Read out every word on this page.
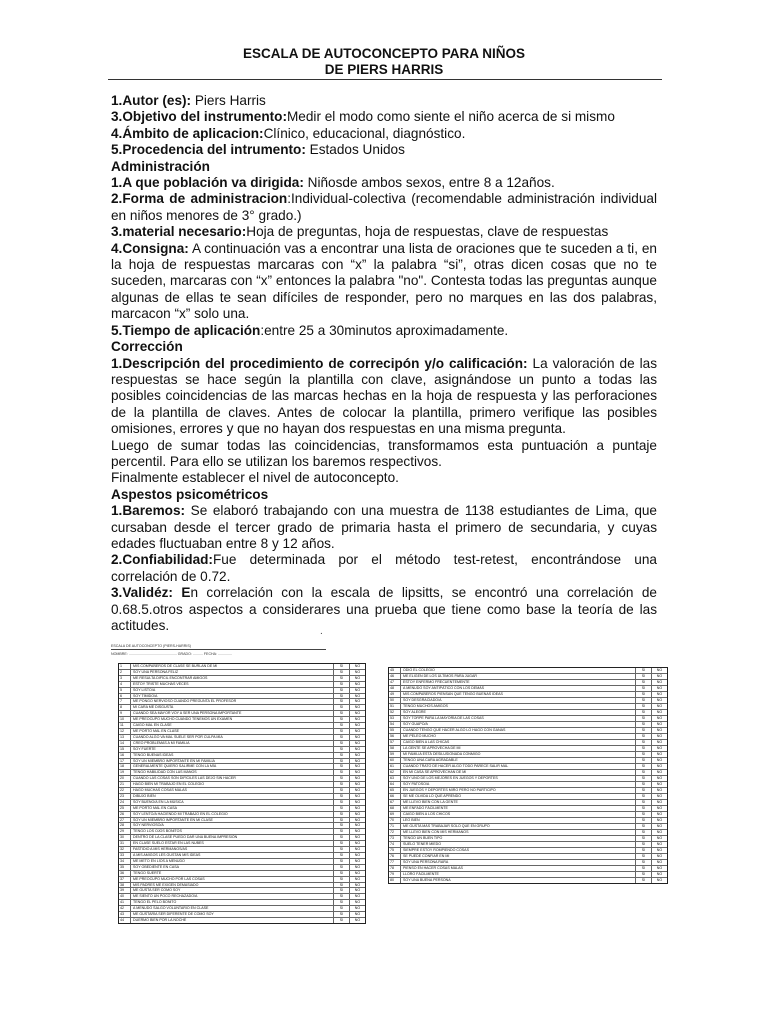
ESCALA DE AUTOCONCEPTO PARA NIÑOS
DE PIERS HARRIS

1.Autor (es): Piers Harris

3.Objetivo del instrumento:Medir el modo como siente el niño acerca de si mismo

4.Ámbito de aplicacion:Clínico, educacional, diagnóstico.

5.Procedencia del intrumento: Estados Unidos

Administración

1.A que población va dirigida: Niñosde ambos sexos, entre 8 a 12años.

2.Forma de administracion:Individual-colectiva (recomendable administración individual en niños menores de 3° grado.)

3.material necesario:Hoja de preguntas, hoja de respuestas, clave de respuestas

4.Consigna: A continuación vas a encontrar una lista de oraciones que te suceden a ti, en la hoja de respuestas marcaras con “x” la palabra “si”, otras dicen cosas que no te suceden, marcaras con “x” entonces la palabra "no". Contesta todas las preguntas aunque algunas de ellas te sean difíciles de responder, pero no marques en las dos palabras, marcacon “x” solo una.

5.Tiempo de aplicación:entre 25 a 30minutos aproximadamente.

Corrección

1.Descripción del procedimiento de correcipón y/o calificación: La valoración de las respuestas se hace según la plantilla con clave, asignándose un punto a todas las posibles coincidencias de las marcas hechas en la hoja de respuesta y las perforaciones de la plantilla de claves. Antes de colocar la plantilla, primero verifique las posibles omisiones, errores y que no hayan dos respuestas en una misma pregunta.

Luego de sumar todas las coincidencias, transformamos esta puntuación a puntaje percentil. Para ello se utilizan los baremos respectivos.

Finalmente establecer el nivel de autoconcepto.

Aspestos psicométricos

1.Baremos: Se elaboró trabajando con una muestra de 1138 estudiantes de Lima, que cursaban desde el tercer grado de primaria hasta el primero de secundaria, y cuyas edades fluctuaban entre 8 y 12 años.

2.Confiabilidad:Fue determinada por el método test-retest, encontrándose una correlación de 0.72.

3.Validéz: En correlación con la escala de lipsitts, se encontró una correlación de 0.68.5.otros aspectos a considerares una prueba que tiene como base la teoría de las actitudes.	.
ESCALA DE AUTOCONCEPTO (PIERS-HARRIS)
NOMBRE: ................................................ GRADO: .......... FECHA: ..............
1	MIS COMPAÑEROS DE CLASE SE BURLAN DE MI	SI	NO
2	SOY UNA PERSONA FELIZ	SI	NO
3	ME RESULTA DIFÍCIL ENCONTRAR AMIGOS	SI	NO
4	ESTOY TRISTE MUCHAS VECES	SI	NO
5	SOY LISTO/A	SI	NO
6	SOY TÍMIDO/A	SI	NO
7	ME PONGO NERVIOSO CUANDO PREGUNTA EL PROFESOR	SI	NO
8	MI CARA ME DISGUSTA	SI	NO
9	CUANDO SEA MAYOR VOY A SER UNA PERSONA IMPORTANTE	SI	NO
10	ME PREOCUPO MUCHO CUANDO TENEMOS UN EXAMEN	SI	NO
11	CAIGO MAL EN CLASE	SI	NO
12	ME PORTO MAL EN CLASE	SI	NO
13	CUANDO ALGO VA MAL SUELE SER POR CULPA MÍA	SI	NO
14	CREO PROBLEMAS A MI FAMILIA	SI	NO
15	SOY FUERTE	SI	NO
16	TENGO BUENAS IDEAS	SI	NO
17	SOY UN MIEMBRO IMPORTANTE EN MI FAMILIA	SI	NO
18	GENERALMENTE QUIERO SALIRME CON LA MÍA	SI	NO
19	TENGO HABILIDAD CON LAS MANOS	SI	NO
20	CUANDO LAS COSAS SON DIFÍCILES LAS DEJO SIN HACER	SI	NO
21	HAGO BIEN MI TRABAJO EN EL COLEGIO	SI	NO
22	HAGO MUCHAS COSAS MALAS	SI	NO
23	DIBUJO BIEN	SI	NO
24	SOY BUENO/A EN LA MÚSICA	SI	NO
25	ME PORTO MAL EN CASA	SI	NO
26	SOY LENTO/A HACIENDO MI TRABAJO EN EL COLEGIO	SI	NO
27	SOY UN MIEMBRO IMPORTANTE EN MI CLASE	SI	NO
28	SOY NERVIOSO/A	SI	NO
29	TENGO LOS OJOS BONITOS	SI	NO
30	DENTRO DE LA CLASE PUEDO DAR UNA BUENA IMPRESIÓN	SI	NO
31	EN CLASE SUELO ESTAR EN LAS NUBES	SI	NO
32	FASTIDIO A MIS HERMANOS/AS	SI	NO
33	A MIS AMIGOS LES GUSTAN MIS IDEAS	SI	NO
34	ME METO EN LÍOS A MENUDO	SI	NO
35	SOY OBEDIENTE EN CASA	SI	NO
36	TENGO SUERTE	SI	NO
37	ME PREOCUPO MUCHO POR LAS COSAS	SI	NO
38	MIS PADRES ME EXIGEN DEMASIADO	SI	NO
39	ME GUSTA SER COMO SOY	SI	NO
40	ME SIENTO UN POCO RECHAZADO/A	SI	NO
41	TENGO EL PELO BONITO	SI	NO
42	A MENUDO SALGO VOLUNTARIO EN CLASE	SI	NO
43	ME GUSTARÍA SER DIFERENTE DE COMO SOY	SI	NO
44	DUERMO BIEN POR LA NOCHE	SI	NO
45	ODIO EL COLEGIO	SI	NO
46	ME ELIGEN DE LOS ÚLTIMOS PARA JUGAR	SI	NO
47	ESTOY ENFERMO FRECUENTEMENTE	SI	NO
48	A MENUDO SOY ANTIPÁTICO CON LOS DEMÁS	SI	NO
49	MIS COMPAÑEROS PIENSAN QUE TENGO BUENAS IDEAS	SI	NO
50	SOY DESGRACIADO/A	SI	NO
51	TENGO MUCHOS AMIGOS	SI	NO
52	SOY ALEGRE	SI	NO
53	SOY TORPE PARA LA MAYORÍA DE LAS COSAS	SI	NO
54	SOY GUAPO/A	SI	NO
55	CUANDO TENGO QUE HACER ALGO LO HAGO CON GANAS	SI	NO
56	ME PELEO MUCHO	SI	NO
57	CAIGO BIEN A LAS CHICAS	SI	NO
58	LA GENTE SE APROVECHA DE MI	SI	NO
59	MI FAMILIA ESTÁ DESILUSIONADA CONMIGO	SI	NO
60	TENGO UNA CARA AGRADABLE	SI	NO
61	CUANDO TRATO DE HACER ALGO TODO PARECE SALIR MAL	SI	NO
62	EN MI CASA SE APROVECHAN DE MI	SI	NO
63	SOY UNO DE LOS MEJORES EN JUEGOS Y DEPORTES	SI	NO
64	SOY PATOSO/A	SI	NO
65	EN JUEGOS Y DEPORTES MIRO PERO NO PARTICIPO	SI	NO
66	SE ME OLVIDA LO QUE APRENDO	SI	NO
67	ME LLEVO BIEN CON LA GENTE	SI	NO
68	ME ENFADO FÁCILMENTE	SI	NO
69	CAIGO BIEN A LOS CHICOS	SI	NO
70	LEO BIEN	SI	NO
71	ME GUSTA MÁS TRABAJAR SOLO QUE EN GRUPO	SI	NO
72	ME LLEVO BIEN CON MIS HERMANOS	SI	NO
73	TENGO UN BUEN TIPO	SI	NO
74	SUELO TENER MIEDO	SI	NO
75	SIEMPRE ESTOY ROMPIENDO COSAS	SI	NO
76	SE PUEDE CONFIAR EN MI	SI	NO
77	SOY UNA PERSONA RARA	SI	NO
78	PIENSO EN HACER COSAS MALAS	SI	NO
79	LLORO FÁCILMENTE	SI	NO
80	SOY UNA BUENA PERSONA	SI	NO
